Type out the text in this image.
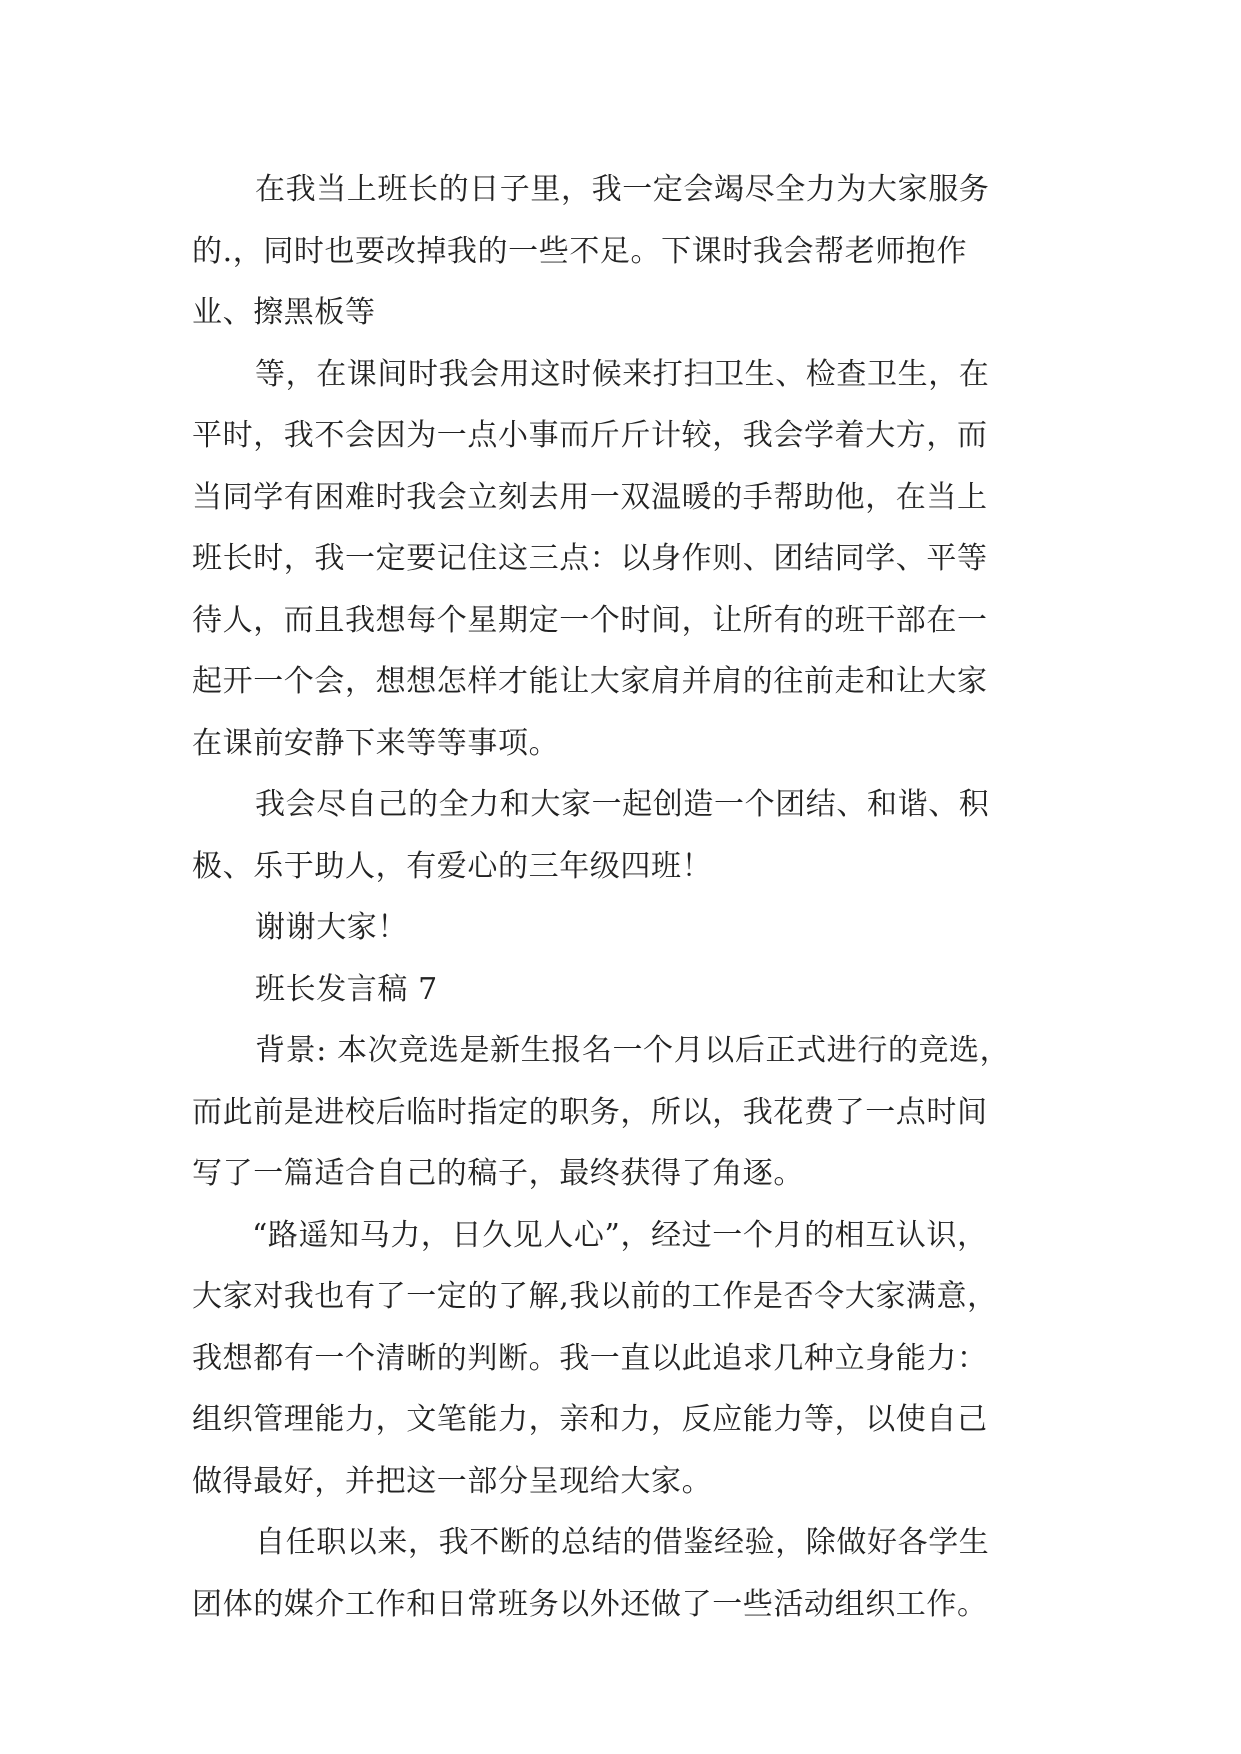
在我当上班长的日子里，我一定会竭尽全力为大家服务
的.，同时也要改掉我的一些不足。下课时我会帮老师抱作
业、擦黑板等
等，在课间时我会用这时候来打扫卫生、检查卫生，在
平时，我不会因为一点小事而斤斤计较，我会学着大方，而
当同学有困难时我会立刻去用一双温暖的手帮助他，在当上
班长时，我一定要记住这三点：以身作则、团结同学、平等
待人，而且我想每个星期定一个时间，让所有的班干部在一
起开一个会，想想怎样才能让大家肩并肩的往前走和让大家
在课前安静下来等等事项。
我会尽自己的全力和大家一起创造一个团结、和谐、积
极、乐于助人，有爱心的三年级四班！
谢谢大家！
班长发言稿 7
背景: 本次竞选是新生报名一个月以后正式进行的竞选，
而此前是进校后临时指定的职务，所以，我花费了一点时间
写了一篇适合自己的稿子，最终获得了角逐。
“路遥知马力，日久见人心”，经过一个月的相互认识，
大家对我也有了一定的了解,我以前的工作是否令大家满意，
我想都有一个清晰的判断。我一直以此追求几种立身能力：
组织管理能力，文笔能力，亲和力，反应能力等，以使自己
做得最好，并把这一部分呈现给大家。
自任职以来，我不断的总结的借鉴经验，除做好各学生
团体的媒介工作和日常班务以外还做了一些活动组织工作。
